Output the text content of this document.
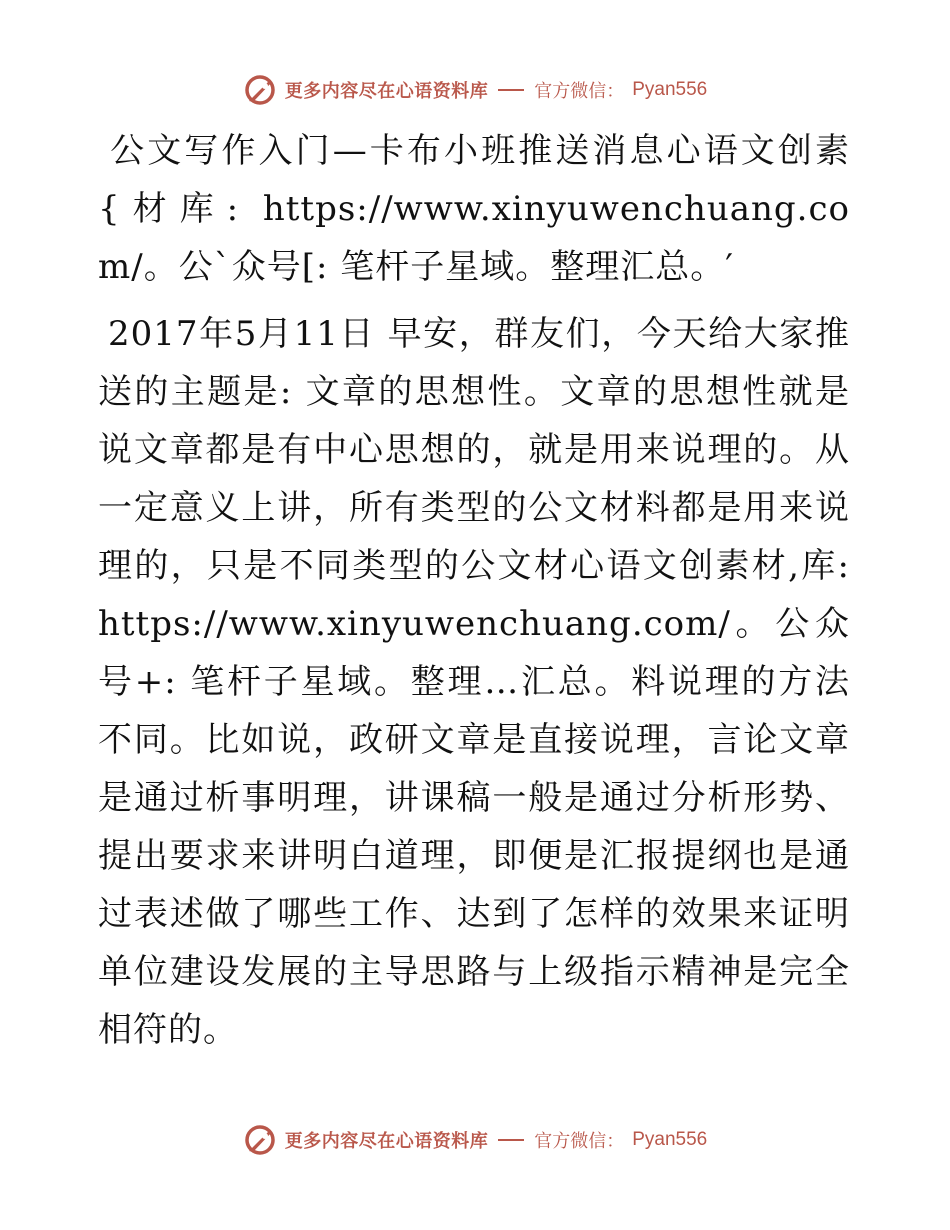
更多内容尽在心语资料库	官方微信： Pyan556

公文写作入门—卡布小班推送消息心语文创素{材库: https://www.xinyuwenchuang.com/。公`众号[: 笔杆子星域。整理汇总。′

2017年5月11日 早安，群友们，今天给大家推送的主题是: 文章的思想性。文章的思想性就是说文章都是有中心思想的，就是用来说理的。从一定意义上讲，所有类型的公文材料都是用来说理的，只是不同类型的公文材心语文创素材,库: https://www.xinyuwenchuang.com/。公众号+: 笔杆子星域。整理…汇总。料说理的方法不同。比如说，政研文章是直接说理，言论文章是通过析事明理，讲课稿一般是通过分析形势、提出要求来讲明白道理，即便是汇报提纲也是通过表述做了哪些工作、达到了怎样的效果来证明单位建设发展的主导思路与上级指示精神是完全相符的。

更多内容尽在心语资料库	官方微信： Pyan556
